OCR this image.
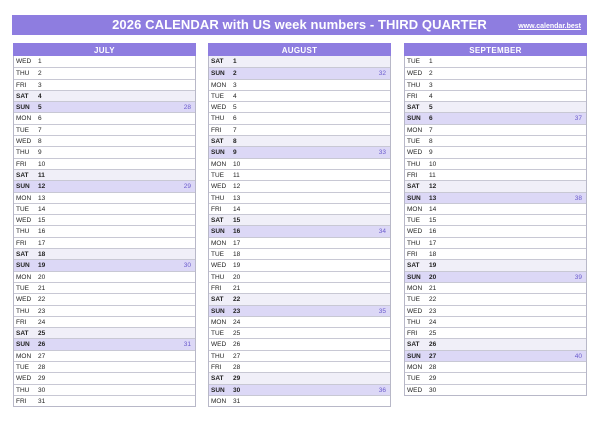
2026 CALENDAR with US week numbers - THIRD QUARTER	www.calendar.best
JULY
WED	1
THU	2
FRI	3
SAT	4
SUN	5	28
MON	6
TUE	7
WED	8
THU	9
FRI	10
SAT	11
SUN	12	29
MON	13
TUE	14
WED	15
THU	16
FRI	17
SAT	18
SUN	19	30
MON	20
TUE	21
WED	22
THU	23
FRI	24
SAT	25
SUN	26	31
MON	27
TUE	28
WED	29
THU	30
FRI	31
AUGUST
SAT	1
SUN	2	32
MON	3
TUE	4
WED	5
THU	6
FRI	7
SAT	8
SUN	9	33
MON	10
TUE	11
WED	12
THU	13
FRI	14
SAT	15
SUN	16	34
MON	17
TUE	18
WED	19
THU	20
FRI	21
SAT	22
SUN	23	35
MON	24
TUE	25
WED	26
THU	27
FRI	28
SAT	29
SUN	30	36
MON	31
SEPTEMBER
TUE	1
WED	2
THU	3
FRI	4
SAT	5
SUN	6	37
MON	7
TUE	8
WED	9
THU	10
FRI	11
SAT	12
SUN	13	38
MON	14
TUE	15
WED	16
THU	17
FRI	18
SAT	19
SUN	20	39
MON	21
TUE	22
WED	23
THU	24
FRI	25
SAT	26
SUN	27	40
MON	28
TUE	29
WED	30
